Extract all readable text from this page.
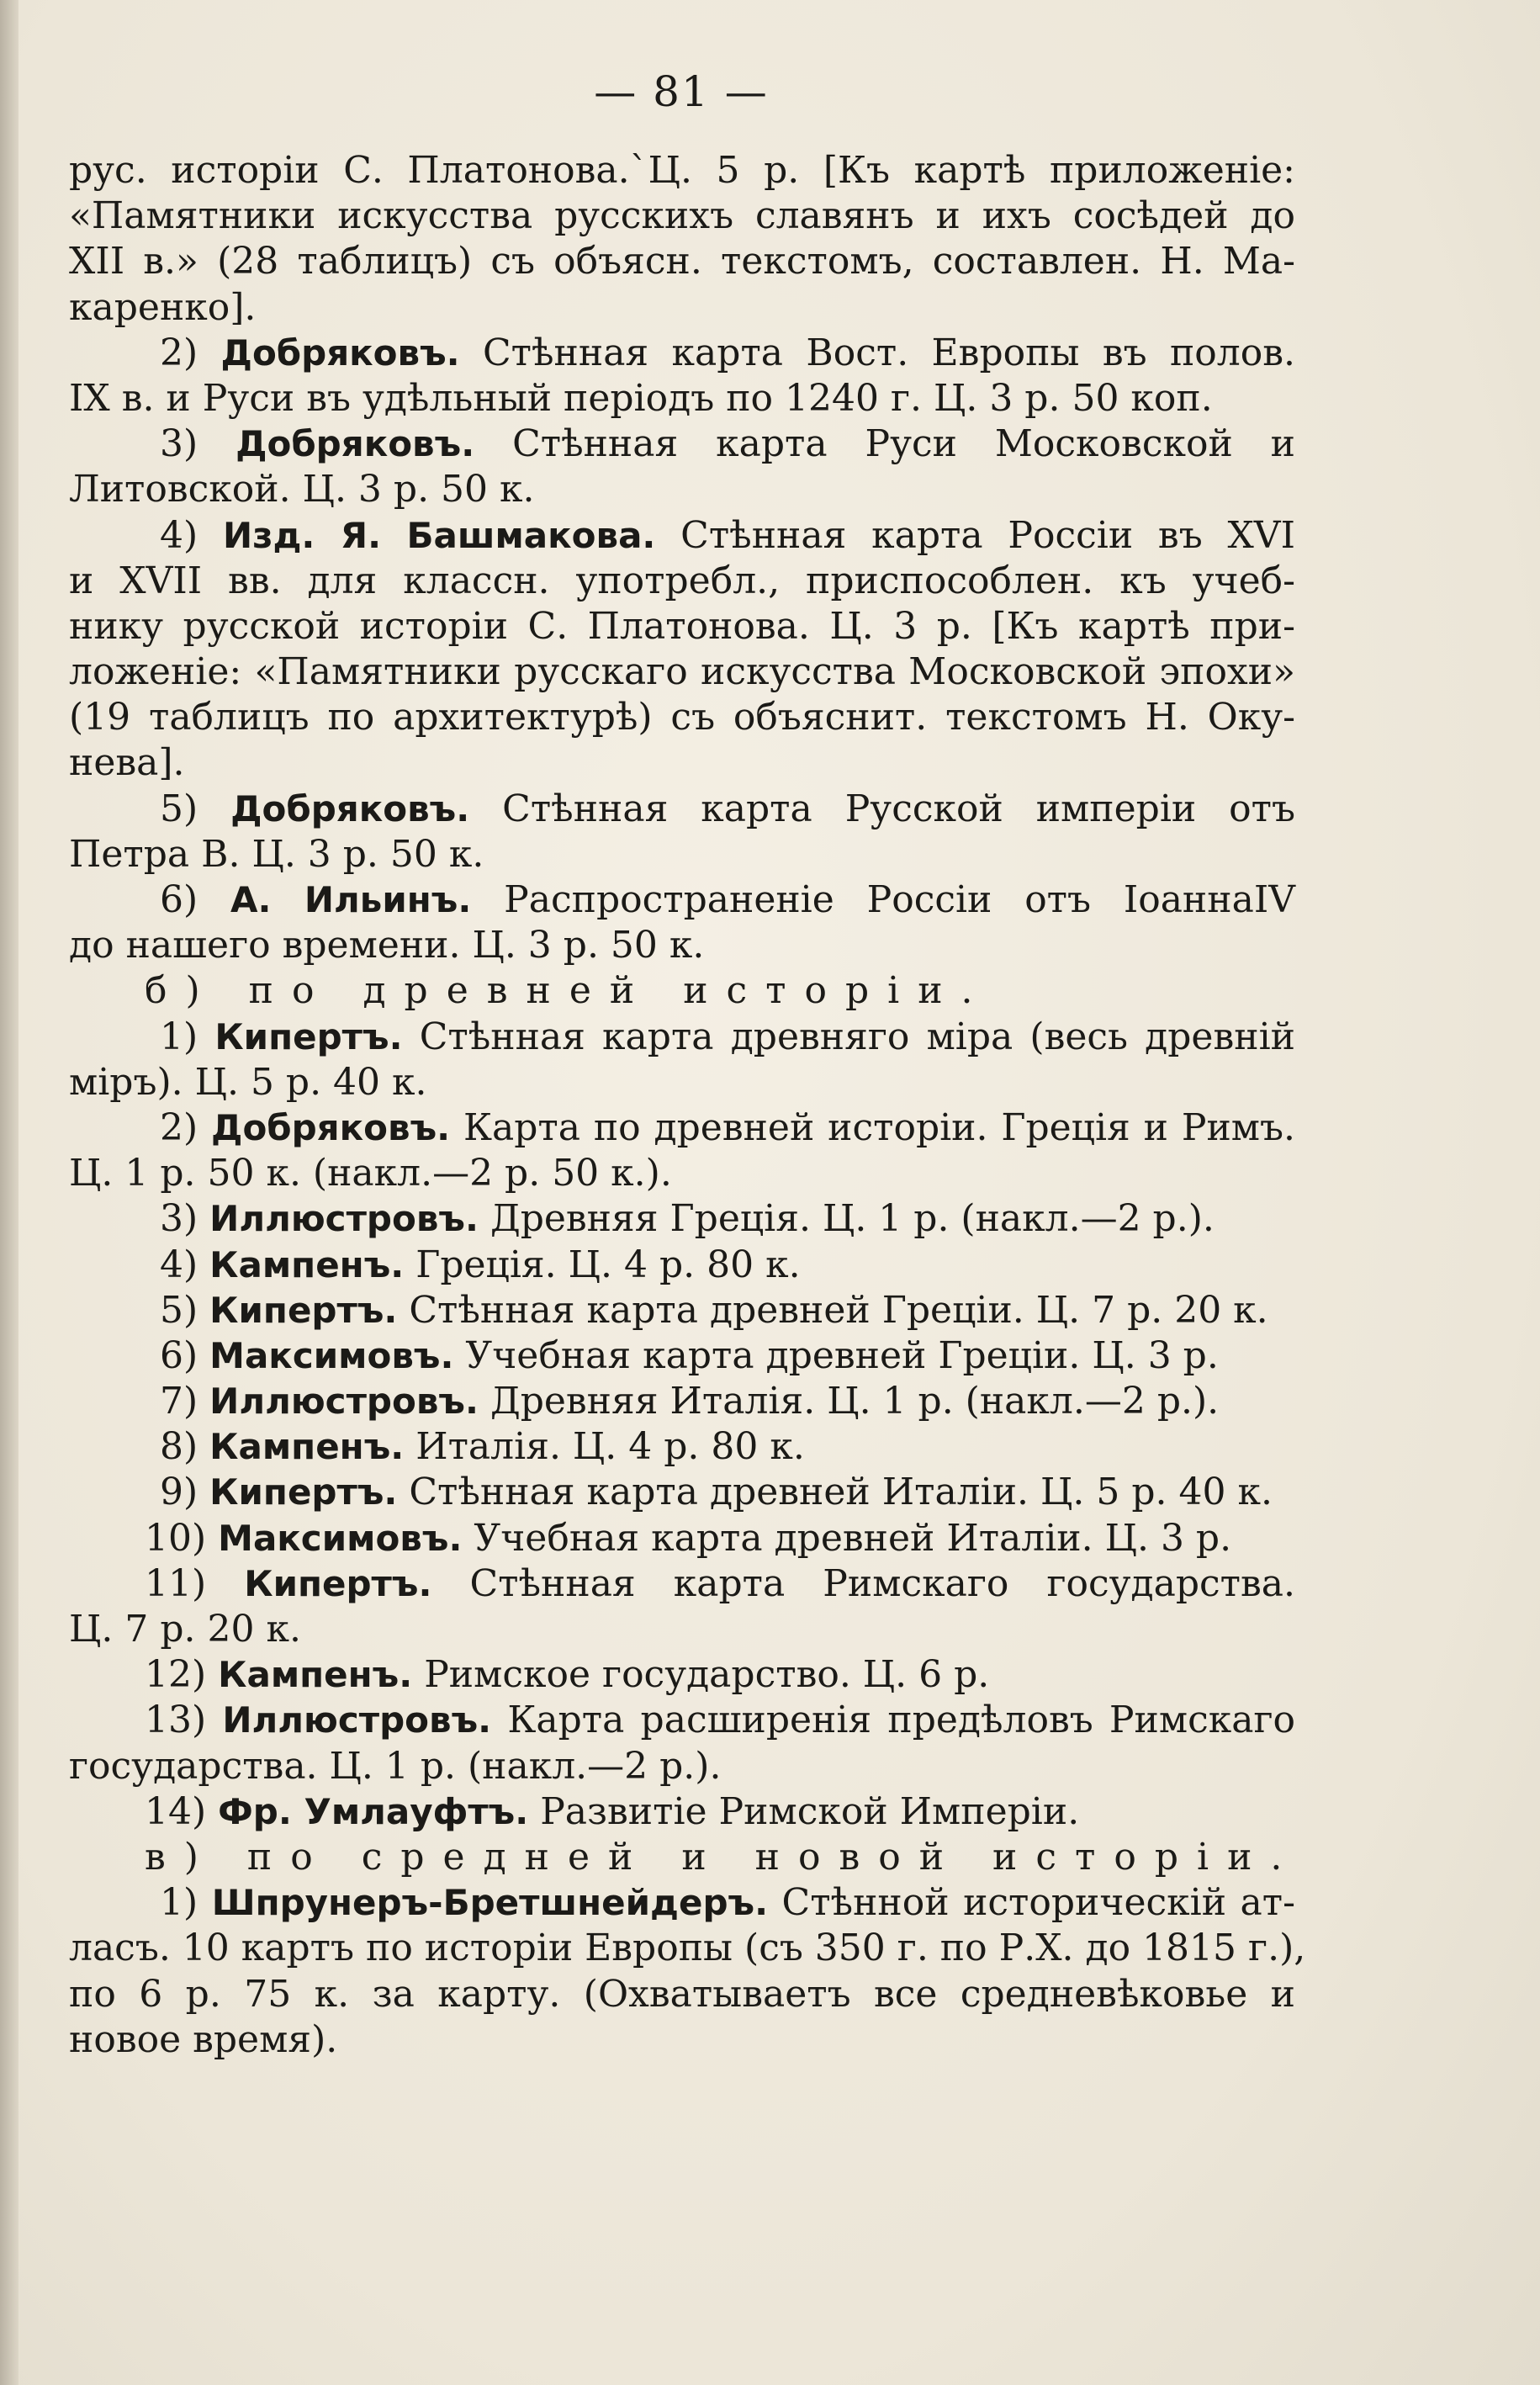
— 81 —
рус. исторіи С. Платонова.`Ц. 5 р. [Къ картѣ приложеніе:
«Памятники искусства русскихъ славянъ и ихъ сосѣдей до
XII в.» (28 таблицъ) съ объясн. текстомъ, составлен. Н. Ма-
каренко].
2) Добряковъ. Стѣнная карта Вост. Европы въ полов.
IX в. и Руси въ удѣльный періодъ по 1240 г. Ц. 3 р. 50 коп.
3) Добряковъ. Стѣнная карта Руси Московской и
Литовской. Ц. 3 р. 50 к.
4) Изд. Я. Башмакова. Стѣнная карта Россіи въ XVI
и XVII вв. для классн. употребл., приспособлен. къ учеб-
нику русской исторіи С. Платонова. Ц. 3 р. [Къ картѣ при-
ложеніе: «Памятники русскаго искусства Московской эпохи»
(19 таблицъ по архитектурѣ) съ объяснит. текстомъ Н. Оку-
нева].
5) Добряковъ. Стѣнная карта Русской имперіи отъ
Петра В. Ц. 3 р. 50 к.
6) А. Ильинъ. Распространеніе Россіи отъ ІоаннаІV
до нашего времени. Ц. 3 р. 50 к.
б) по древней исторіи.
1) Кипертъ. Стѣнная карта древняго міра (весь древній
міръ). Ц. 5 р. 40 к.
2) Добряковъ. Карта по древней исторіи. Греція и Римъ.
Ц. 1 р. 50 к. (накл.—2 р. 50 к.).
3) Иллюстровъ. Древняя Греція. Ц. 1 р. (накл.—2 р.).
4) Кампенъ. Греція. Ц. 4 р. 80 к.
5) Кипертъ. Стѣнная карта древней Греціи. Ц. 7 р. 20 к.
6) Максимовъ. Учебная карта древней Греціи. Ц. 3 р.
7) Иллюстровъ. Древняя Италія. Ц. 1 р. (накл.—2 р.).
8) Кампенъ. Италія. Ц. 4 р. 80 к.
9) Кипертъ. Стѣнная карта древней Италіи. Ц. 5 р. 40 к.
10) Максимовъ. Учебная карта древней Италіи. Ц. 3 р.
11) Кипертъ. Стѣнная карта Римскаго государства.
Ц. 7 р. 20 к.
12) Кампенъ. Римское государство. Ц. 6 р.
13) Иллюстровъ. Карта расширенія предѣловъ Римскаго
государства. Ц. 1 р. (накл.—2 р.).
14) Фр. Умлауфтъ. Развитіе Римской Имперіи.
в) по средней и новой исторіи.
1) Шпрунеръ-Бретшнейдеръ. Стѣнной историческій ат-
ласъ. 10 картъ по исторіи Европы (съ 350 г. по Р.Х. до 1815 г.),
по 6 р. 75 к. за карту. (Охватываетъ все средневѣковье и
новое время).
